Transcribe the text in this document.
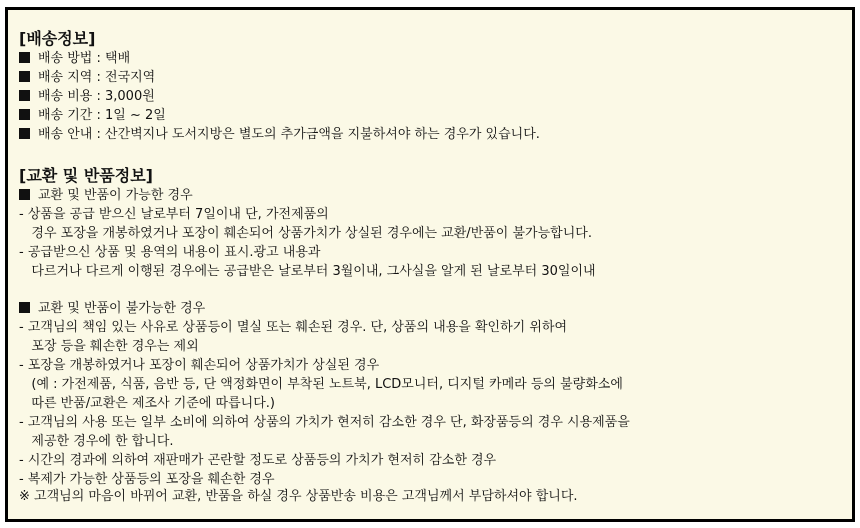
[배송정보]
배송 방법 : 택배
배송 지역 : 전국지역
배송 비용 : 3,000원
배송 기간 : 1일 ~ 2일
배송 안내 : 산간벽지나 도서지방은 별도의 추가금액을 지불하셔야 하는 경우가 있습니다.
[교환 및 반품정보]
교환 및 반품이 가능한 경우
- 상품을 공급 받으신 날로부터 7일이내 단, 가전제품의
경우 포장을 개봉하였거나 포장이 훼손되어 상품가치가 상실된 경우에는 교환/반품이 불가능합니다.
- 공급받으신 상품 및 용역의 내용이 표시.광고 내용과
다르거나 다르게 이행된 경우에는 공급받은 날로부터 3월이내, 그사실을 알게 된 날로부터 30일이내
교환 및 반품이 불가능한 경우
- 고객님의 책임 있는 사유로 상품등이 멸실 또는 훼손된 경우. 단, 상품의 내용을 확인하기 위하여
포장 등을 훼손한 경우는 제외
- 포장을 개봉하였거나 포장이 훼손되어 상품가치가 상실된 경우
(예 : 가전제품, 식품, 음반 등, 단 액정화면이 부착된 노트북, LCD모니터, 디지털 카메라 등의 불량화소에
따른 반품/교환은 제조사 기준에 따릅니다.)
- 고객님의 사용 또는 일부 소비에 의하여 상품의 가치가 현저히 감소한 경우 단, 화장품등의 경우 시용제품을
제공한 경우에 한 합니다.
- 시간의 경과에 의하여 재판매가 곤란할 정도로 상품등의 가치가 현저히 감소한 경우
- 복제가 가능한 상품등의 포장을 훼손한 경우
※ 고객님의 마음이 바뀌어 교환, 반품을 하실 경우 상품반송 비용은 고객님께서 부담하셔야 합니다.
